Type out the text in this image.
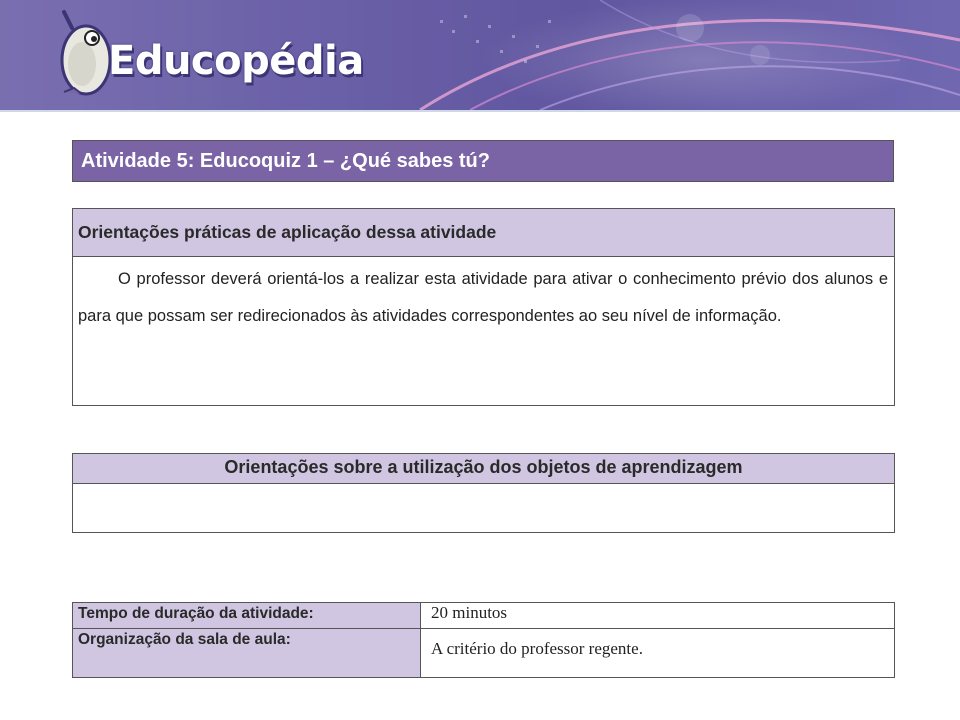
Educopédia
Atividade 5: Educoquiz 1 – ¿Qué sabes tú?
Orientações práticas de aplicação dessa atividade
O professor deverá orientá-los a realizar esta atividade para ativar o conhecimento prévio dos alunos e para que possam ser redirecionados às atividades correspondentes ao seu nível de informação.
Orientações sobre a utilização dos objetos de aprendizagem
Tempo de duração da atividade:	20 minutos
Organização da sala de aula:	A critério do professor regente.
